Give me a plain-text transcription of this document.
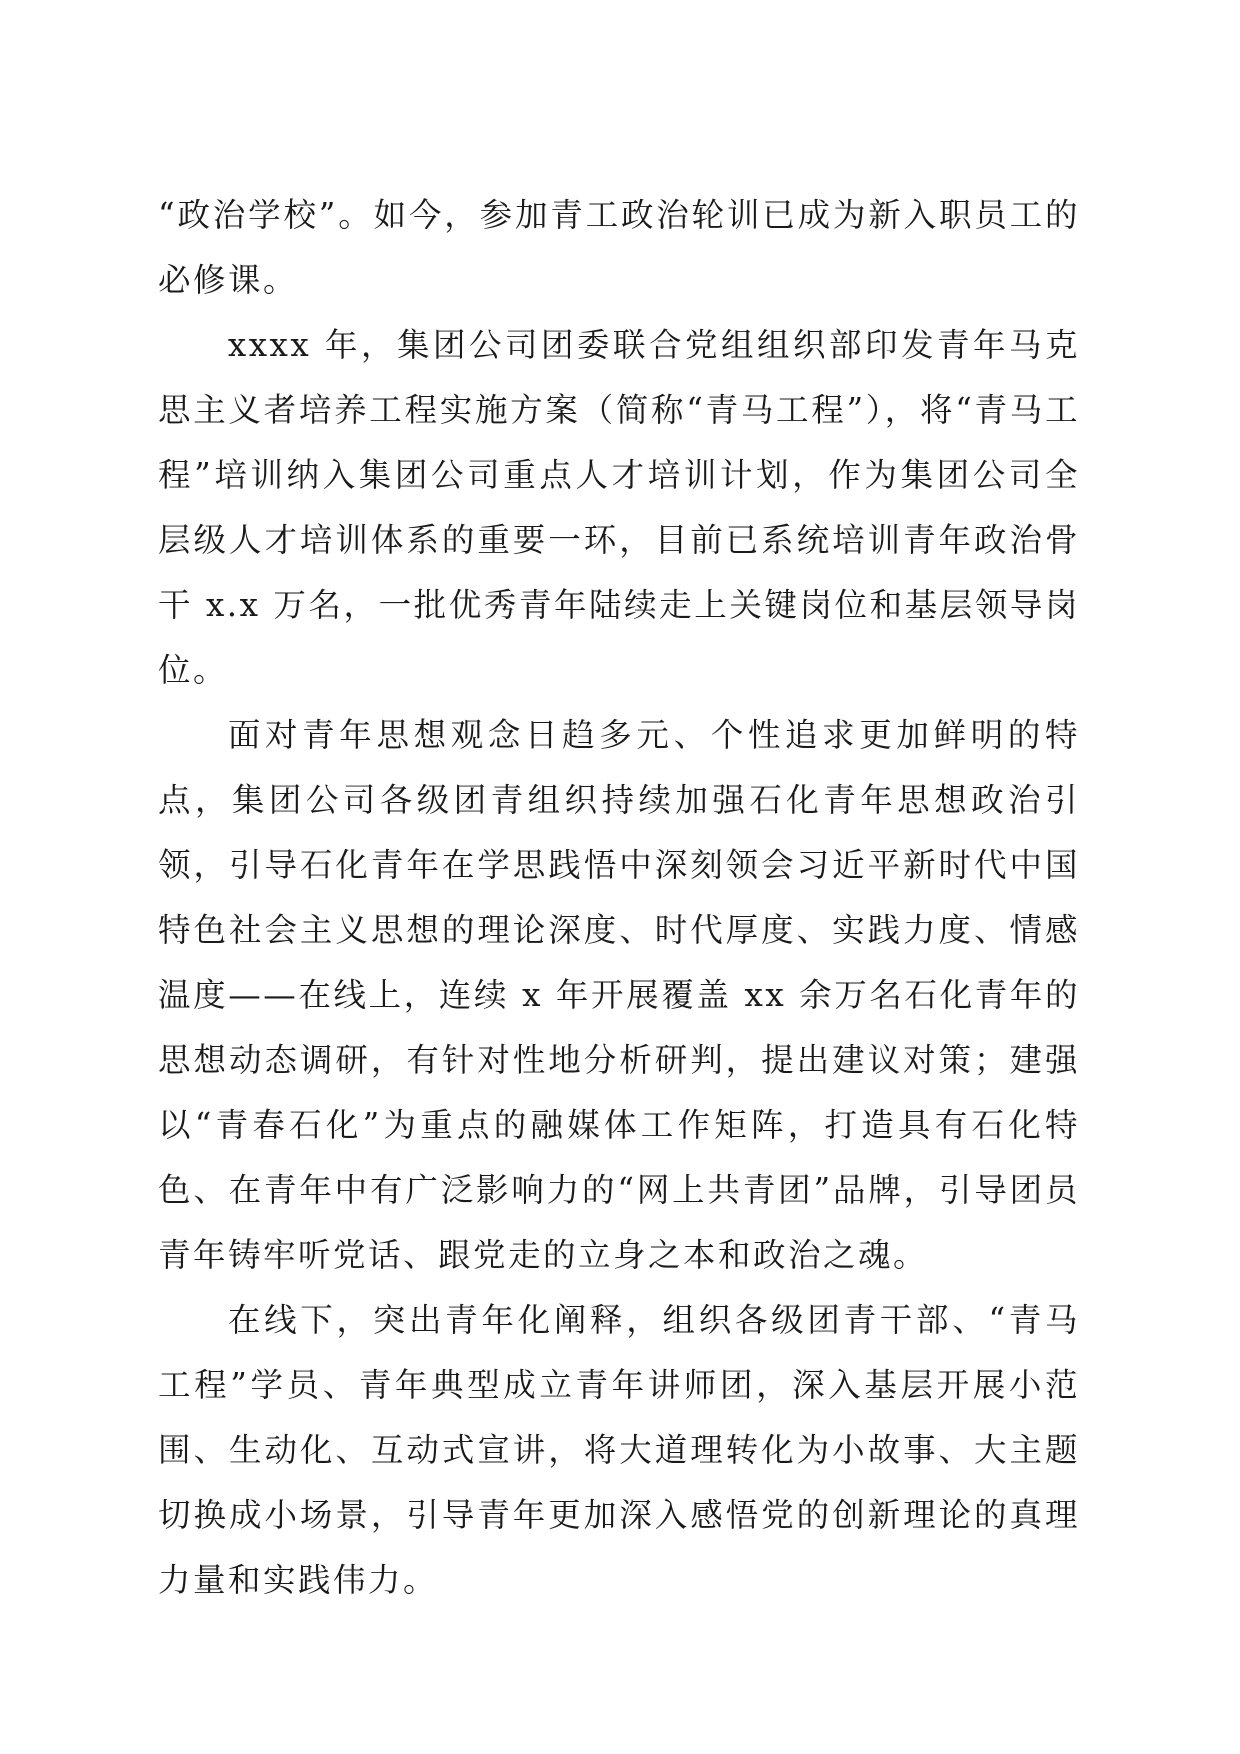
“政治学校”。如今，参加青工政治轮训已成为新入职员工的必修课。

xxxx 年，集团公司团委联合党组组织部印发青年马克思主义者培养工程实施方案（简称“青马工程”），将“青马工程”培训纳入集团公司重点人才培训计划，作为集团公司全层级人才培训体系的重要一环，目前已系统培训青年政治骨干 x.x 万名，一批优秀青年陆续走上关键岗位和基层领导岗位。

面对青年思想观念日趋多元、个性追求更加鲜明的特点，集团公司各级团青组织持续加强石化青年思想政治引领，引导石化青年在学思践悟中深刻领会习近平新时代中国特色社会主义思想的理论深度、时代厚度、实践力度、情感温度——在线上，连续 x 年开展覆盖 xx 余万名石化青年的思想动态调研，有针对性地分析研判，提出建议对策；建强以“青春石化”为重点的融媒体工作矩阵，打造具有石化特色、在青年中有广泛影响力的“网上共青团”品牌，引导团员青年铸牢听党话、跟党走的立身之本和政治之魂。

在线下，突出青年化阐释，组织各级团青干部、“青马工程”学员、青年典型成立青年讲师团，深入基层开展小范围、生动化、互动式宣讲，将大道理转化为小故事、大主题切换成小场景，引导青年更加深入感悟党的创新理论的真理力量和实践伟力。
